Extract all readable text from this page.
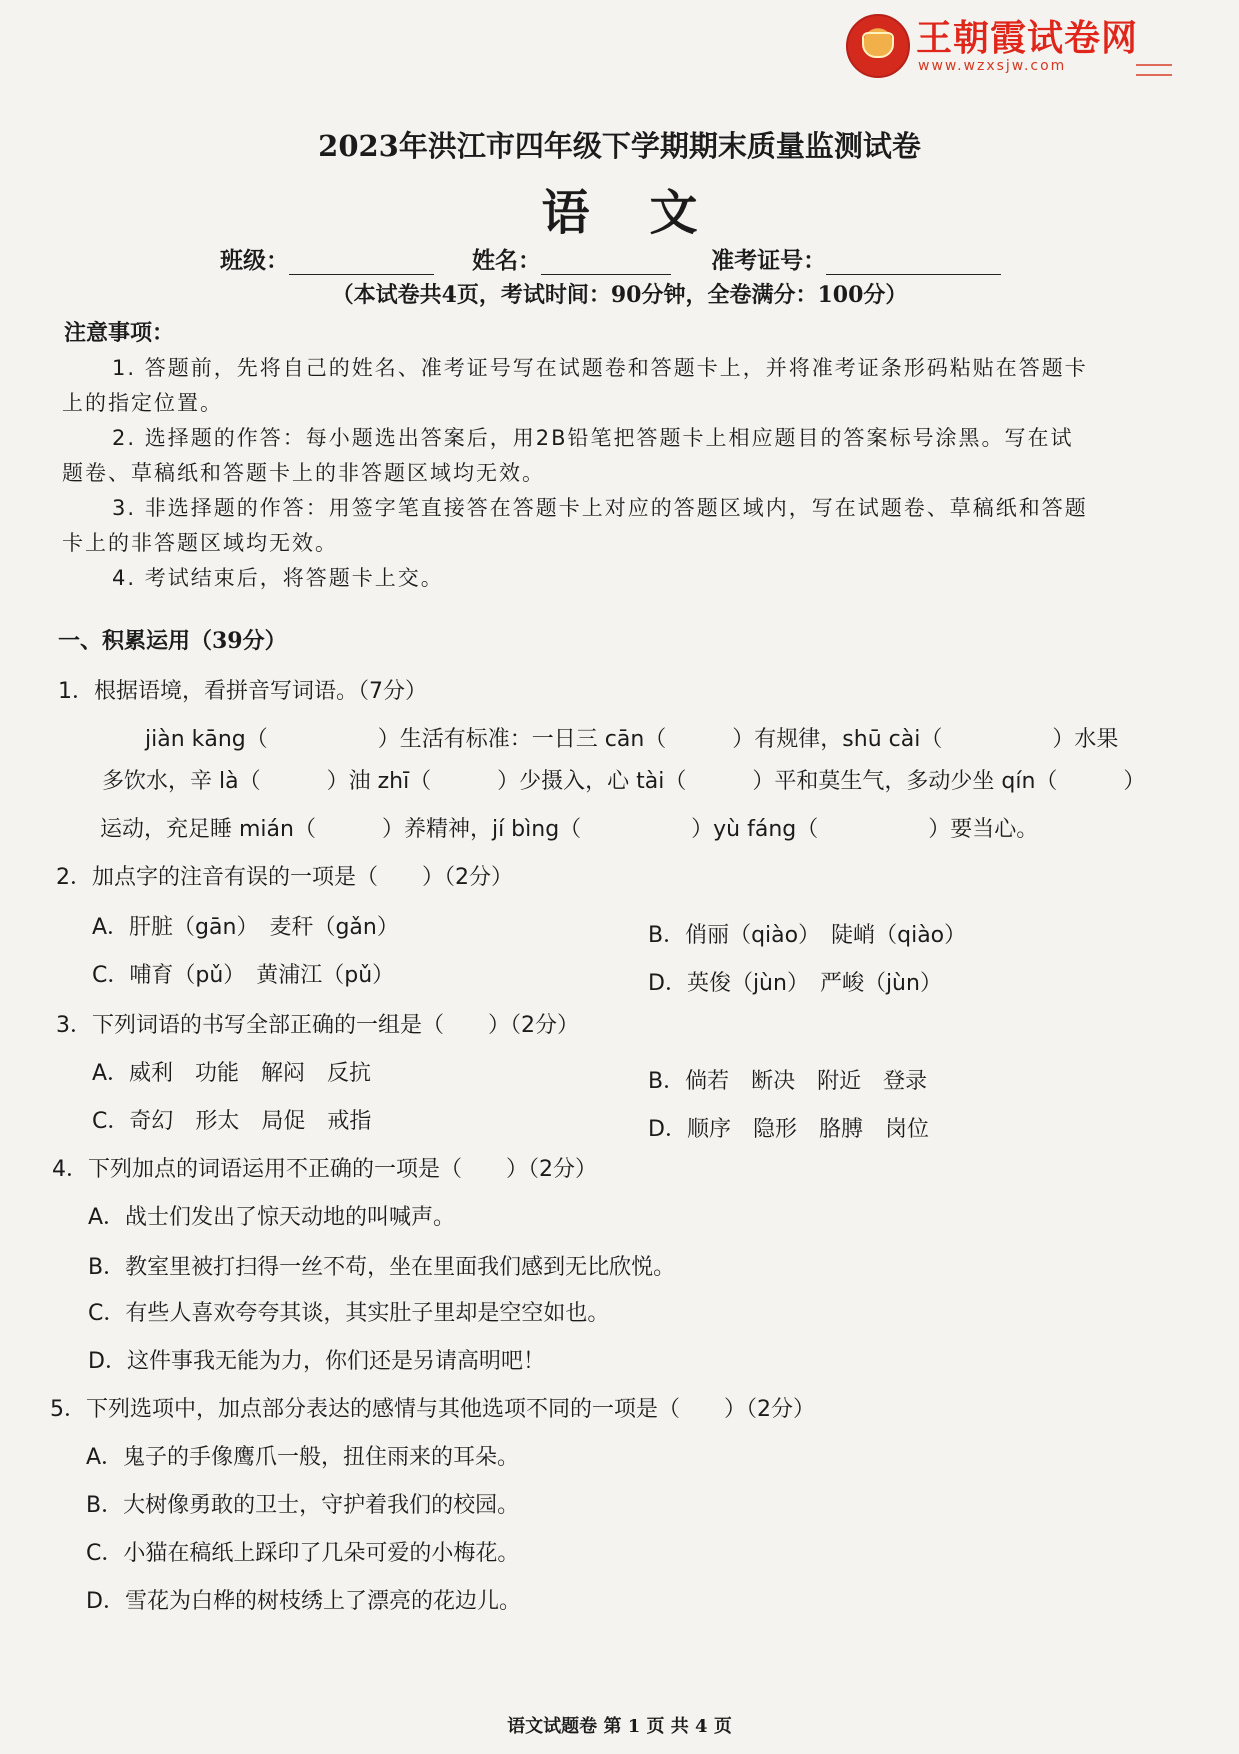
王朝霞试卷网
www.wzxsjw.com
2023年洪江市四年级下学期期末质量监测试卷
语文
班级：	姓名：	准考证号：
（本试卷共4页，考试时间：90分钟，全卷满分：100分）
注意事项：
1. 答题前，先将自己的姓名、准考证号写在试题卷和答题卡上，并将准考证条形码粘贴在答题卡
上的指定位置。
2. 选择题的作答：每小题选出答案后，用2B铅笔把答题卡上相应题目的答案标号涂黑。写在试
题卷、草稿纸和答题卡上的非答题区域均无效。
3. 非选择题的作答：用签字笔直接答在答题卡上对应的答题区域内，写在试题卷、草稿纸和答题
卡上的非答题区域均无效。
4. 考试结束后，将答题卡上交。
一、积累运用（39分）
1．根据语境，看拼音写词语。（7分）
jiàn kāng（　　　　　）生活有标准：一日三 cān（　　　）有规律，shū cài（　　　　　）水果
多饮水，辛 là（　　　）油 zhī（　　　）少摄入，心 tài（　　　）平和莫生气，多动少坐 qín（　　　）
运动，充足睡 mián（　　　）养精神，jí bìng（　　　　　）yù fáng（　　　　　）要当心。
2．加点字的注音有误的一项是（　　）（2分）
A．肝脏（gān）　麦秆（gǎn）	B．俏丽（qiào）　陡峭（qiào）
C．哺育（pǔ）　黄浦江（pǔ）	D．英俊（jùn）　严峻（jùn）
3．下列词语的书写全部正确的一组是（　　）（2分）
A．威利　功能　解闷　反抗	B．倘若　断决　附近　登录
C．奇幻　形太　局促　戒指	D．顺序　隐形　胳膊　岗位
4．下列加点的词语运用不正确的一项是（　　）（2分）
A．战士们发出了惊天动地的叫喊声。
B．教室里被打扫得一丝不苟，坐在里面我们感到无比欣悦。
C．有些人喜欢夸夸其谈，其实肚子里却是空空如也。
D．这件事我无能为力，你们还是另请高明吧！
5．下列选项中，加点部分表达的感情与其他选项不同的一项是（　　）（2分）
A．鬼子的手像鹰爪一般，扭住雨来的耳朵。
B．大树像勇敢的卫士，守护着我们的校园。
C．小猫在稿纸上踩印了几朵可爱的小梅花。
D．雪花为白桦的树枝绣上了漂亮的花边儿。
语文试题卷 第 1 页 共 4 页
